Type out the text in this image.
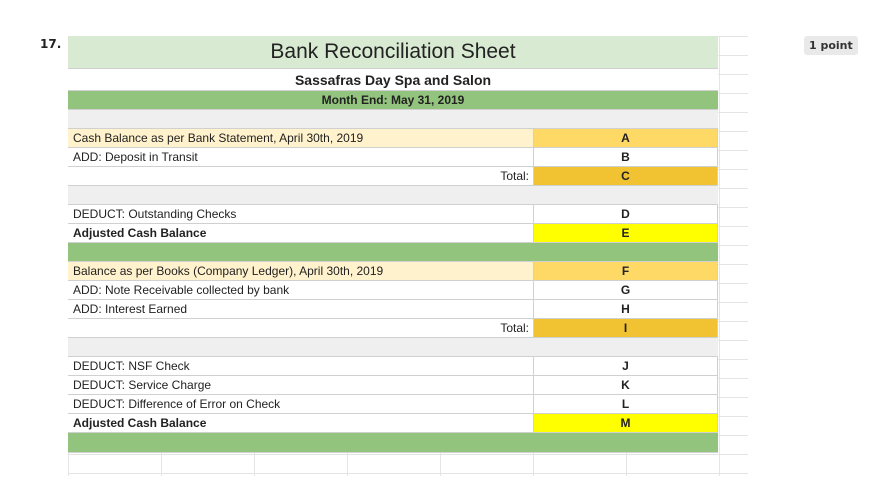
17.	1 point
Bank Reconciliation Sheet
Sassafras Day Spa and Salon
Month End: May 31, 2019
Cash Balance as per Bank Statement, April 30th, 2019	A
ADD: Deposit in Transit	B
Total:	C
DEDUCT: Outstanding Checks	D
Adjusted Cash Balance	E
Balance as per Books (Company Ledger), April 30th, 2019	F
ADD: Note Receivable collected by bank	G
ADD: Interest Earned	H
Total:	I
DEDUCT: NSF Check	J
DEDUCT: Service Charge	K
DEDUCT: Difference of Error on Check	L
Adjusted Cash Balance	M
